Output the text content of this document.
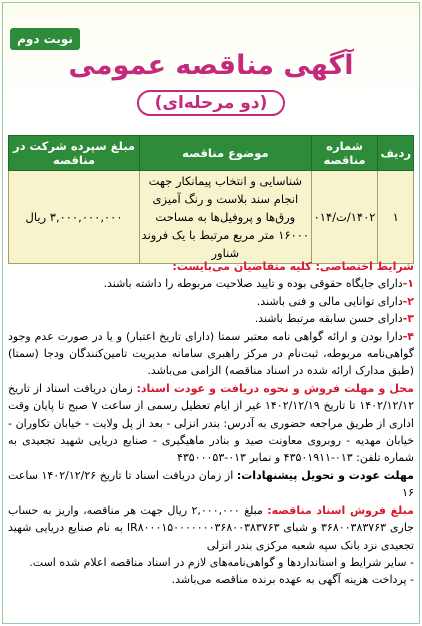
نوبت دوم
آگهی مناقصه عمومی
(دو مرحله‌ای)
ردیف	شماره مناقصه	موضوع مناقصه	مبلغ سپرده شرکت در مناقصه
۱	۱۴۰۲/ت/۰۱۴	شناسایی و انتخاب پیمانکار جهت انجام سند بلاست و رنگ آمیزی ورق‌ها و پروفیل‌ها به مساحت ۱۶۰۰۰ متر مربع مرتبط با یک فروند شناور	۳,۰۰۰,۰۰۰,۰۰۰ ریال

شرایط اختصاصی: کلیه متقاضیان می‌بایست:

۱-دارای جایگاه حقوقی بوده و تایید صلاحیت مربوطه را داشته باشند.

۲-دارای توانایی مالی و فنی باشند.

۳-دارای حسن سابقه مرتبط باشند.

۴-دارا بودن و ارائه گواهی نامه معتبر سمتا (دارای تاریخ اعتبار) و یا در صورت عدم وجود گواهی‌نامه مربوطه، ثبت‌نام در مرکز راهبری سامانه مدیریت تامین‌کنندگان ودجا (سمتا) (طبق مدارک ارائه شده در اسناد مناقصه) الزامی می‌باشد.

محل و مهلت فروش و نحوه دریافت و عودت اسناد: زمان دریافت اسناد از تاریخ ۱۴۰۲/۱۲/۱۲ تا تاریخ ۱۴۰۲/۱۲/۱۹ غیر از ایام تعطیل رسمی از ساعت ۷ صبح تا پایان وقت اداری از طریق مراجعه حضوری به آدرس: بندر انزلی - بعد از پل ولایت - خیابان تکاوران - خیابان مهدیه - روبروی معاونت صید و بنادر ماهیگیری - صنایع دریایی شهید تجعیدی به شماره تلفن: ۰۱۳-۴۳۵۰۱۹۱۱ و نمابر ۰۱۳-۴۳۵۰۰۰۵۳

مهلت عودت و تحویل پیشنهادات: از زمان دریافت اسناد تا تاریخ ۱۴۰۲/۱۲/۲۶ ساعت ۱۶

مبلغ فروش اسناد مناقصه: مبلغ ۲,۰۰۰,۰۰۰ ریال جهت هر مناقصه، واریز به حساب جاری ۳۶۸۰۰۳۸۳۷۶۳ و شبای IR۸۰۰۰۱۵۰۰۰۰۰۰۰۳۶۸۰۰۳۸۳۷۶۳ به نام صنایع دریایی شهید تجعیدی نزد بانک سپه شعبه مرکزی بندر انزلی

- سایر شرایط و استانداردها و گواهی‌نامه‌های لازم در اسناد مناقصه اعلام شده است.

- پرداخت هزینه آگهی به عهده برنده مناقصه می‌باشد.
